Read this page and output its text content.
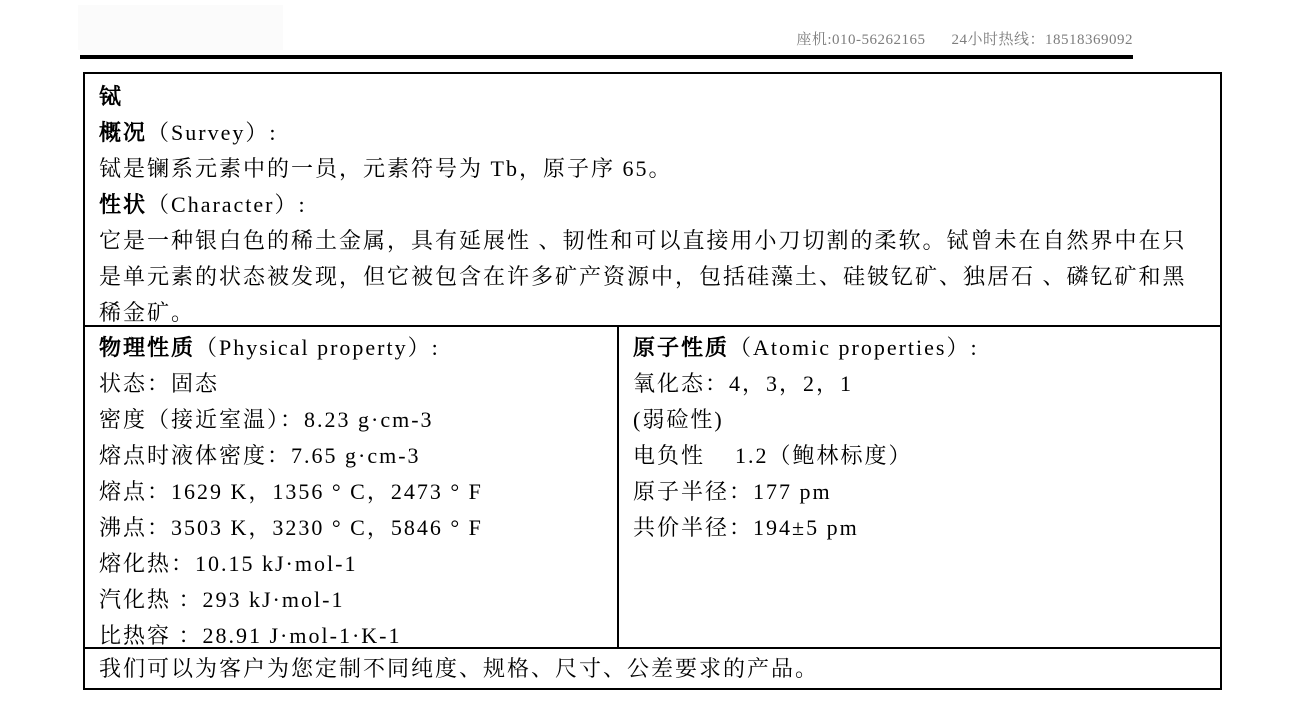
座机:010-56262165 24小时热线：18518369092
铽
概况（Survey）:
铽是镧系元素中的一员，元素符号为 Tb，原子序 65。
性状（Character）:
它是一种银白色的稀土金属，具有延展性 、韧性和可以直接用小刀切割的柔软。铽曾未在自然界中在只是单元素的状态被发现，但它被包含在许多矿产资源中，包括硅藻土、硅铍钇矿、独居石 、磷钇矿和黑稀金矿。
物理性质（Physical property）:
状态：固态
密度（接近室温）：8.23 g·cm-3
熔点时液体密度：7.65 g·cm-3
熔点：1629 K，1356 ° C，2473 ° F
沸点：3503 K，3230 ° C，5846 ° F
熔化热：10.15 kJ·mol-1
汽化热 ：293 kJ·mol-1
比热容 ：28.91 J·mol-1·K-1
原子性质（Atomic properties）:
氧化态：4，3，2，1
(弱硷性)
电负性    1.2（鲍林标度）
原子半径：177 pm
共价半径：194±5 pm
我们可以为客户为您定制不同纯度、规格、尺寸、公差要求的产品。
